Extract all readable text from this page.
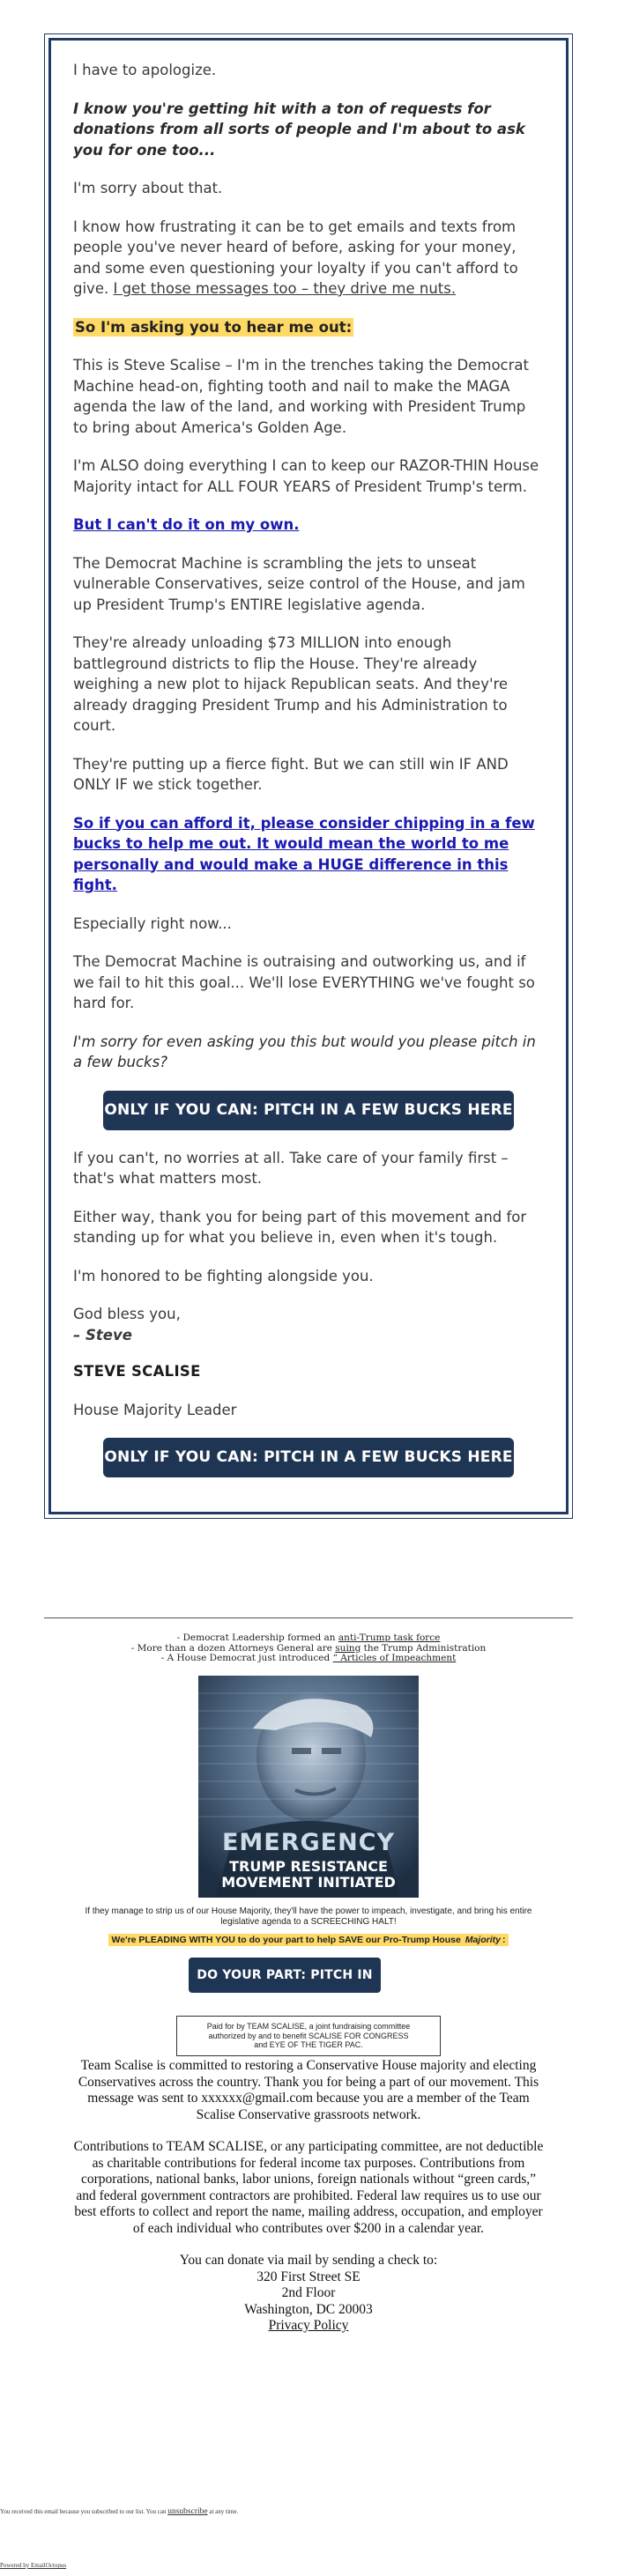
I have to apologize.

I know you're getting hit with a ton of requests for donations from all sorts of people and I'm about to ask you for one too...

I'm sorry about that.

I know how frustrating it can be to get emails and texts from people you've never heard of before, asking for your money, and some even questioning your loyalty if you can't afford to give. I get those messages too – they drive me nuts.

So I'm asking you to hear me out:

This is Steve Scalise – I'm in the trenches taking the Democrat Machine head-on, fighting tooth and nail to make the MAGA agenda the law of the land, and working with President Trump to bring about America's Golden Age.

I'm ALSO doing everything I can to keep our RAZOR-THIN House Majority intact for ALL FOUR YEARS of President Trump's term.

But I can't do it on my own.

The Democrat Machine is scrambling the jets to unseat vulnerable Conservatives, seize control of the House, and jam up President Trump's ENTIRE legislative agenda.

They're already unloading $73 MILLION into enough battleground districts to flip the House. They're already weighing a new plot to hijack Republican seats. And they're already dragging President Trump and his Administration to court.

They're putting up a fierce fight. But we can still win IF AND ONLY IF we stick together.

So if you can afford it, please consider chipping in a few bucks to help me out. It would mean the world to me personally and would make a HUGE difference in this fight.

Especially right now...

The Democrat Machine is outraising and outworking us, and if we fail to hit this goal... We'll lose EVERYTHING we've fought so hard for.

I'm sorry for even asking you this but would you please pitch in a few bucks?

ONLY IF YOU CAN: PITCH IN A FEW BUCKS HERE

If you can't, no worries at all. Take care of your family first – that's what matters most.

Either way, thank you for being part of this movement and for standing up for what you believe in, even when it's tough.

I'm honored to be fighting alongside you.

God bless you,
– Steve

STEVE SCALISE

House Majority Leader

ONLY IF YOU CAN: PITCH IN A FEW BUCKS HERE
- Democrat Leadership formed an anti-Trump task force
- More than a dozen Attorneys General are suing the Trump Administration
- A House Democrat just introduced “ Articles of Impeachment
EMERGENCY
TRUMP RESISTANCE
MOVEMENT INITIATED
If they manage to strip us of our House Majority, they'll have the power to impeach, investigate, and bring his entire legislative agenda to a SCREECHING HALT!
We're PLEADING WITH YOU to do your part to help SAVE our Pro-Trump House Majority :
DO YOUR PART: PITCH IN NOW
Paid for by TEAM SCALISE, a joint fundraising committee
authorized by and to benefit SCALISE FOR CONGRESS
and EYE OF THE TIGER PAC.

Team Scalise is committed to restoring a Conservative House majority and electing Conservatives across the country. Thank you for being a part of our movement. This message was sent to xxxxxx@gmail.com because you are a member of the Team Scalise Conservative grassroots network.

Contributions to TEAM SCALISE, or any participating committee, are not deductible as charitable contributions for federal income tax purposes. Contributions from corporations, national banks, labor unions, foreign nationals without “green cards,” and federal government contractors are prohibited. Federal law requires us to use our best efforts to collect and report the name, mailing address, occupation, and employer of each individual who contributes over $200 in a calendar year.

You can donate via mail by sending a check to:
320 First Street SE
2nd Floor
Washington, DC 20003
Privacy Policy
You received this email because you subscribed to our list. You can unsubscribe at any time.
Powered by EmailOctopus
